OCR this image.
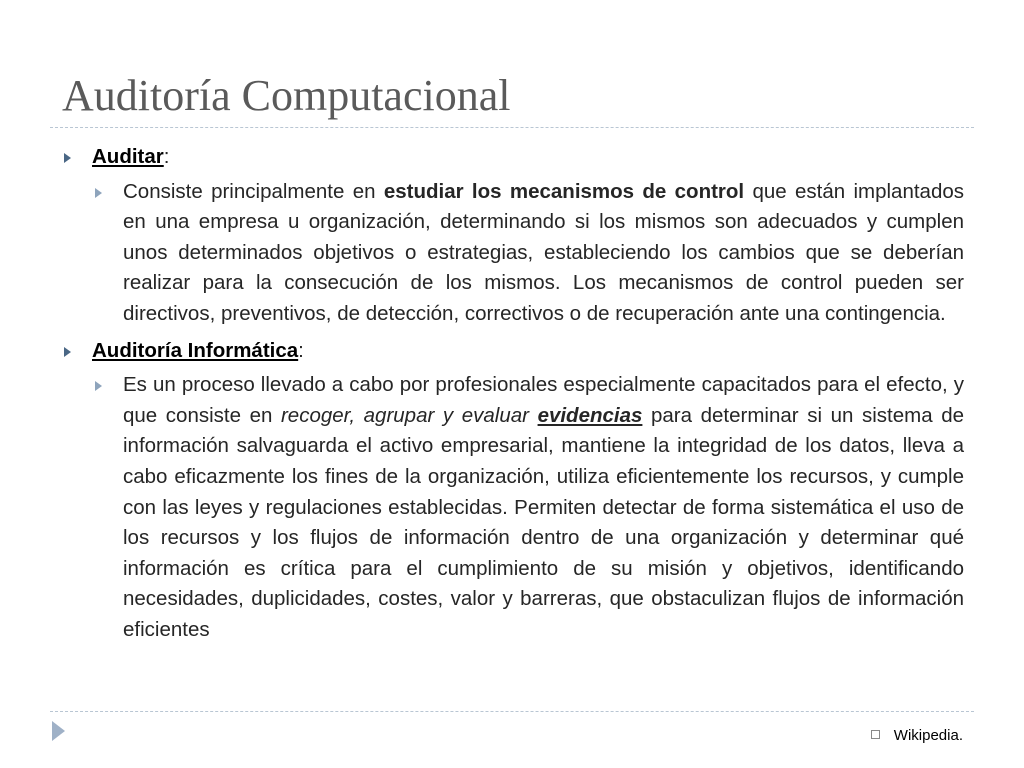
Auditoría Computacional

Auditar:

Consiste principalmente en estudiar los mecanismos de control que están implantados en una empresa u organización, determinando si los mismos son adecuados y cumplen unos determinados objetivos o estrategias, estableciendo los cambios que se deberían realizar para la consecución de los mismos. Los mecanismos de control pueden ser directivos, preventivos, de detección, correctivos o de recuperación ante una contingencia.

Auditoría Informática:

Es un proceso llevado a cabo por profesionales especialmente capacitados para el efecto, y que consiste en recoger, agrupar y evaluar evidencias para determinar si un sistema de información salvaguarda el activo empresarial, mantiene la integridad de los datos, lleva a cabo eficazmente los fines de la organización, utiliza eficientemente los recursos, y cumple con las leyes y regulaciones establecidas. Permiten detectar de forma sistemática el uso de los recursos y los flujos de información dentro de una organización y determinar qué información es crítica para el cumplimiento de su misión y objetivos, identificando necesidades, duplicidades, costes, valor y barreras, que obstaculizan flujos de información eficientes

Wikipedia.
